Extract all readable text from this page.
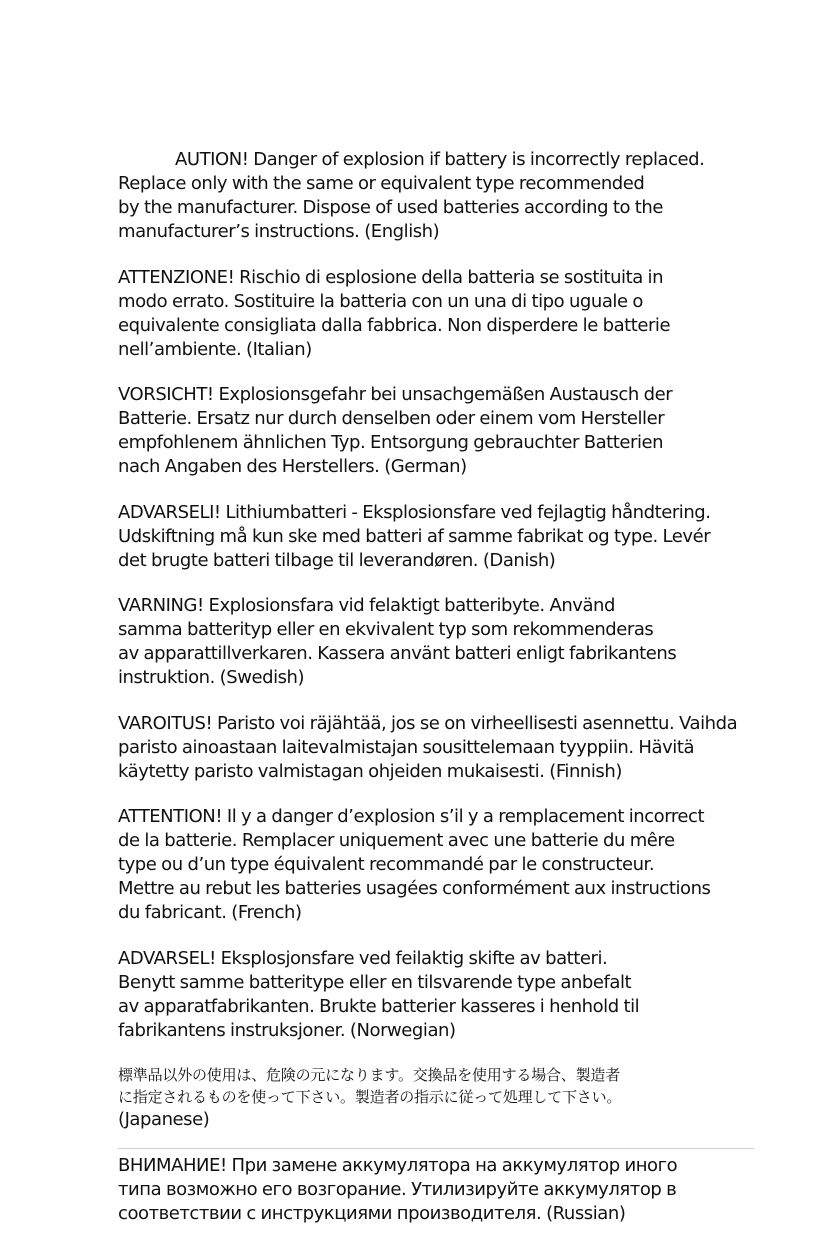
AUTION! Danger of explosion if battery is incorrectly replaced.
Replace only with the same or equivalent type recommended
by the manufacturer. Dispose of used batteries according to the
manufacturer’s instructions. (English)

ATTENZIONE! Rischio di esplosione della batteria se sostituita in
modo errato. Sostituire la batteria con un una di tipo uguale o
equivalente consigliata dalla fabbrica. Non disperdere le batterie
nell’ambiente. (Italian)

VORSICHT! Explosionsgefahr bei unsachgemäßen Austausch der
Batterie. Ersatz nur durch denselben oder einem vom Hersteller
empfohlenem ähnlichen Typ. Entsorgung gebrauchter Batterien
nach Angaben des Herstellers. (German)

ADVARSELI! Lithiumbatteri - Eksplosionsfare ved fejlagtig håndtering.
Udskiftning må kun ske med batteri af samme fabrikat og type. Levér
det brugte batteri tilbage til leverandøren. (Danish)

VARNING! Explosionsfara vid felaktigt batteribyte. Använd
samma batterityp eller en ekvivalent typ som rekommenderas
av apparattillverkaren. Kassera använt batteri enligt fabrikantens
instruktion. (Swedish)

VAROITUS! Paristo voi räjähtää, jos se on virheellisesti asennettu. Vaihda
paristo ainoastaan laitevalmistajan sousittelemaan tyyppiin. Hävitä
käytetty paristo valmistagan ohjeiden mukaisesti. (Finnish)

ATTENTION! Il y a danger d’explosion s’il y a remplacement incorrect
de la batterie. Remplacer uniquement avec une batterie du mêre
type ou d’un type équivalent recommandé par le constructeur.
Mettre au rebut les batteries usagées conformément aux instructions
du fabricant. (French)

ADVARSEL! Eksplosjonsfare ved feilaktig skifte av batteri.
Benytt samme batteritype eller en tilsvarende type anbefalt
av apparatfabrikanten. Brukte batterier kasseres i henhold til
fabrikantens instruksjoner. (Norwegian)

標準品以外の使用は、危険の元になります。交換品を使用する場合、製造者
に指定されるものを使って下さい。製造者の指示に従って処理して下さい。
(Japanese)

ВНИМАНИЕ! При замене аккумулятора на аккумулятор иного
типа возможно его возгорание. Утилизируйте аккумулятор в
соответствии с инструкциями производителя. (Russian)
